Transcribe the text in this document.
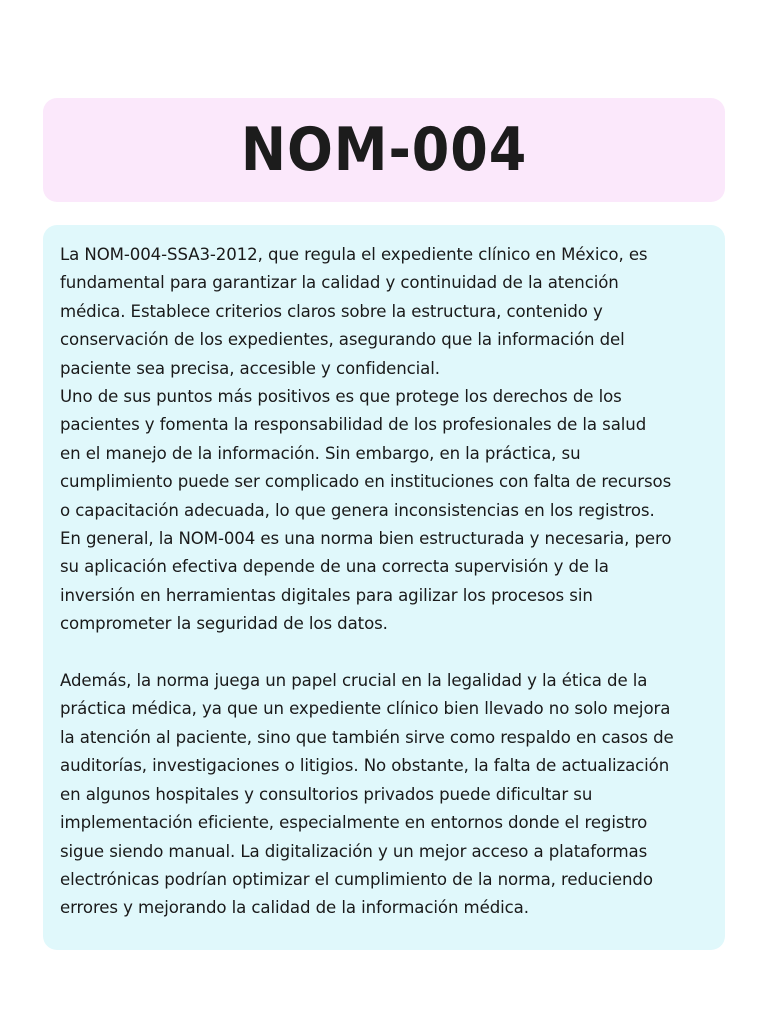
NOM-004

La NOM-004-SSA3-2012, que regula el expediente clínico en México, es
fundamental para garantizar la calidad y continuidad de la atención
médica. Establece criterios claros sobre la estructura, contenido y
conservación de los expedientes, asegurando que la información del
paciente sea precisa, accesible y confidencial.
Uno de sus puntos más positivos es que protege los derechos de los
pacientes y fomenta la responsabilidad de los profesionales de la salud
en el manejo de la información. Sin embargo, en la práctica, su
cumplimiento puede ser complicado en instituciones con falta de recursos
o capacitación adecuada, lo que genera inconsistencias en los registros.
En general, la NOM-004 es una norma bien estructurada y necesaria, pero
su aplicación efectiva depende de una correcta supervisión y de la
inversión en herramientas digitales para agilizar los procesos sin
comprometer la seguridad de los datos.

Además, la norma juega un papel crucial en la legalidad y la ética de la
práctica médica, ya que un expediente clínico bien llevado no solo mejora
la atención al paciente, sino que también sirve como respaldo en casos de
auditorías, investigaciones o litigios. No obstante, la falta de actualización
en algunos hospitales y consultorios privados puede dificultar su
implementación eficiente, especialmente en entornos donde el registro
sigue siendo manual. La digitalización y un mejor acceso a plataformas
electrónicas podrían optimizar el cumplimiento de la norma, reduciendo
errores y mejorando la calidad de la información médica.
